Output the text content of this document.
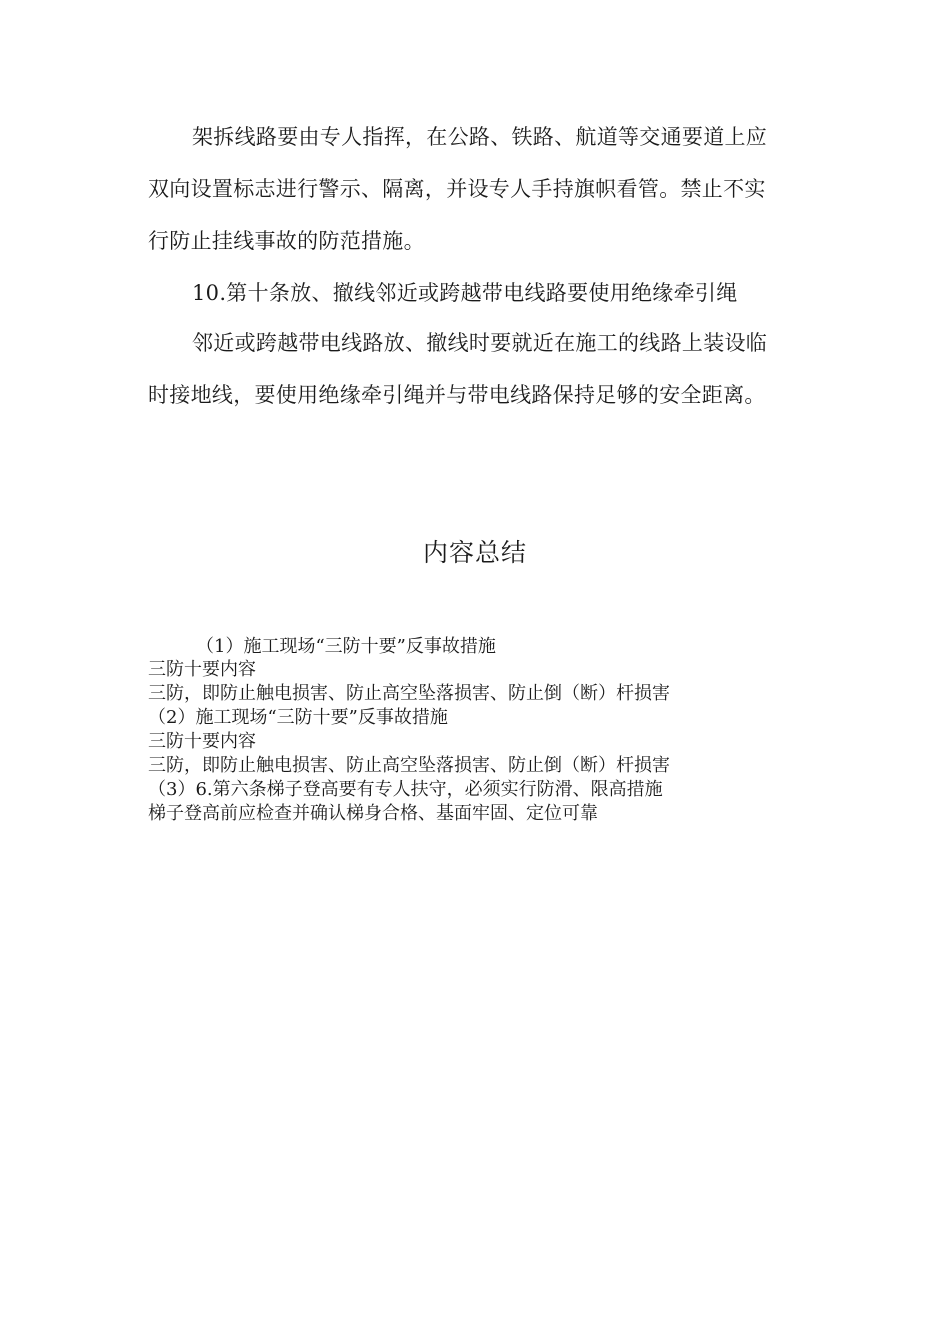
架拆线路要由专人指挥，在公路、铁路、航道等交通要道上应
双向设置标志进行警示、隔离，并设专人手持旗帜看管。禁止不实
行防止挂线事故的防范措施。
10.第十条放、撤线邻近或跨越带电线路要使用绝缘牵引绳
邻近或跨越带电线路放、撤线时要就近在施工的线路上装设临
时接地线，要使用绝缘牵引绳并与带电线路保持足够的安全距离。
内容总结
（1）施工现场“三防十要”反事故措施
三防十要内容
三防，即防止触电损害、防止高空坠落损害、防止倒（断）杆损害
（2）施工现场“三防十要”反事故措施
三防十要内容
三防，即防止触电损害、防止高空坠落损害、防止倒（断）杆损害
（3）6.第六条梯子登高要有专人扶守，必须实行防滑、限高措施
梯子登高前应检查并确认梯身合格、基面牢固、定位可靠
